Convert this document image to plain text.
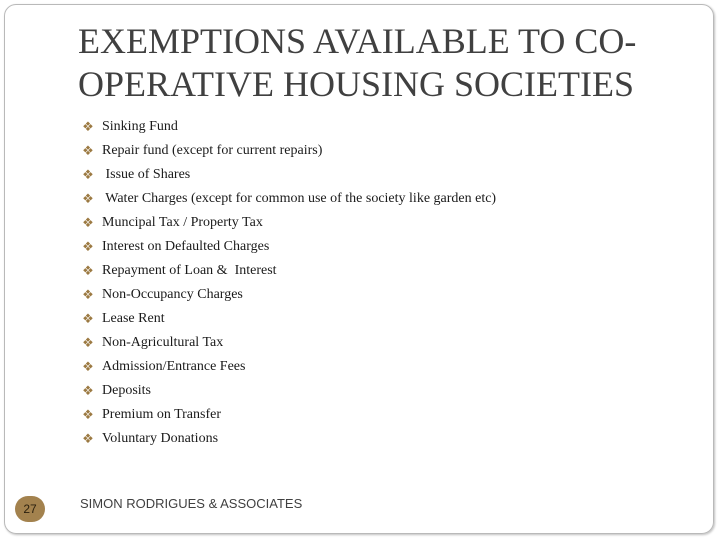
EXEMPTIONS AVAILABLE TO CO-
OPERATIVE HOUSING SOCIETIES
❖ Sinking Fund
❖ Repair fund (except for current repairs)
❖ Issue of Shares
❖ Water Charges (except for common use of the society like garden etc)
❖ Muncipal Tax / Property Tax
❖ Interest on Defaulted Charges
❖ Repayment of Loan &  Interest
❖ Non-Occupancy Charges
❖ Lease Rent
❖ Non-Agricultural Tax
❖ Admission/Entrance Fees
❖ Deposits
❖ Premium on Transfer
❖ Voluntary Donations
27	SIMON RODRIGUES & ASSOCIATES
